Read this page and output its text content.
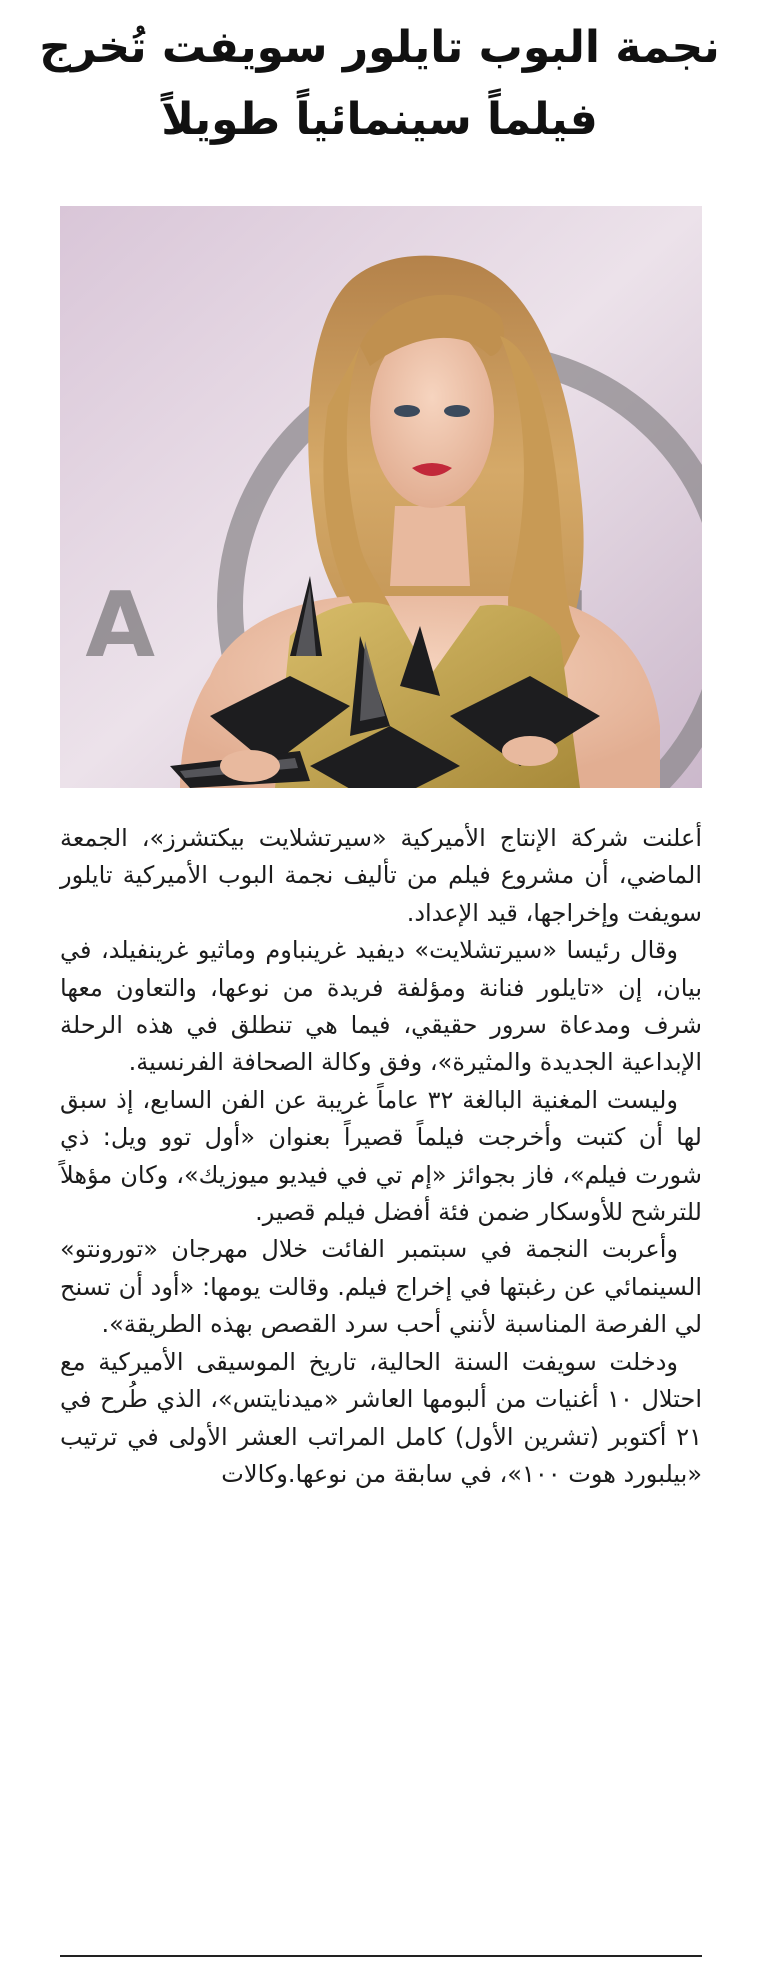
نجمة البوب تايلور سويفت تُخرج
فيلماً سينمائياً طويلاً
A

أعلنت شركة الإنتاج الأميركية «سيرتشلايت بيكتشرز»، الجمعة الماضي، أن مشروع فيلم من تأليف نجمة البوب الأميركية تايلور سويفت وإخراجها، قيد الإعداد.

وقال رئيسا «سيرتشلايت» ديفيد غرينباوم وماثيو غرينفيلد، في بيان، إن «تايلور فنانة ومؤلفة فريدة من نوعها، والتعاون معها شرف ومدعاة سرور حقيقي، فيما هي تنطلق في هذه الرحلة الإبداعية الجديدة والمثيرة»، وفق وكالة الصحافة الفرنسية.

وليست المغنية البالغة ٣٢ عاماً غريبة عن الفن السابع، إذ سبق لها أن كتبت وأخرجت فيلماً قصيراً بعنوان «أول توو ويل: ذي شورت فيلم»، فاز بجوائز «إم تي في فيديو ميوزيك»، وكان مؤهلاً للترشح للأوسكار ضمن فئة أفضل فيلم قصير.

وأعربت النجمة في سبتمبر الفائت خلال مهرجان «تورونتو» السينمائي عن رغبتها في إخراج فيلم. وقالت يومها: «أود أن تسنح لي الفرصة المناسبة لأنني أحب سرد القصص بهذه الطريقة».

ودخلت سويفت السنة الحالية، تاريخ الموسيقى الأميركية مع احتلال ١٠ أغنيات من ألبومها العاشر «ميدنايتس»، الذي طُرح في ٢١ أكتوبر (تشرين الأول) كامل المراتب العشر الأولى في ترتيب «بيلبورد هوت ١٠٠»، في سابقة من نوعها.وكالات
